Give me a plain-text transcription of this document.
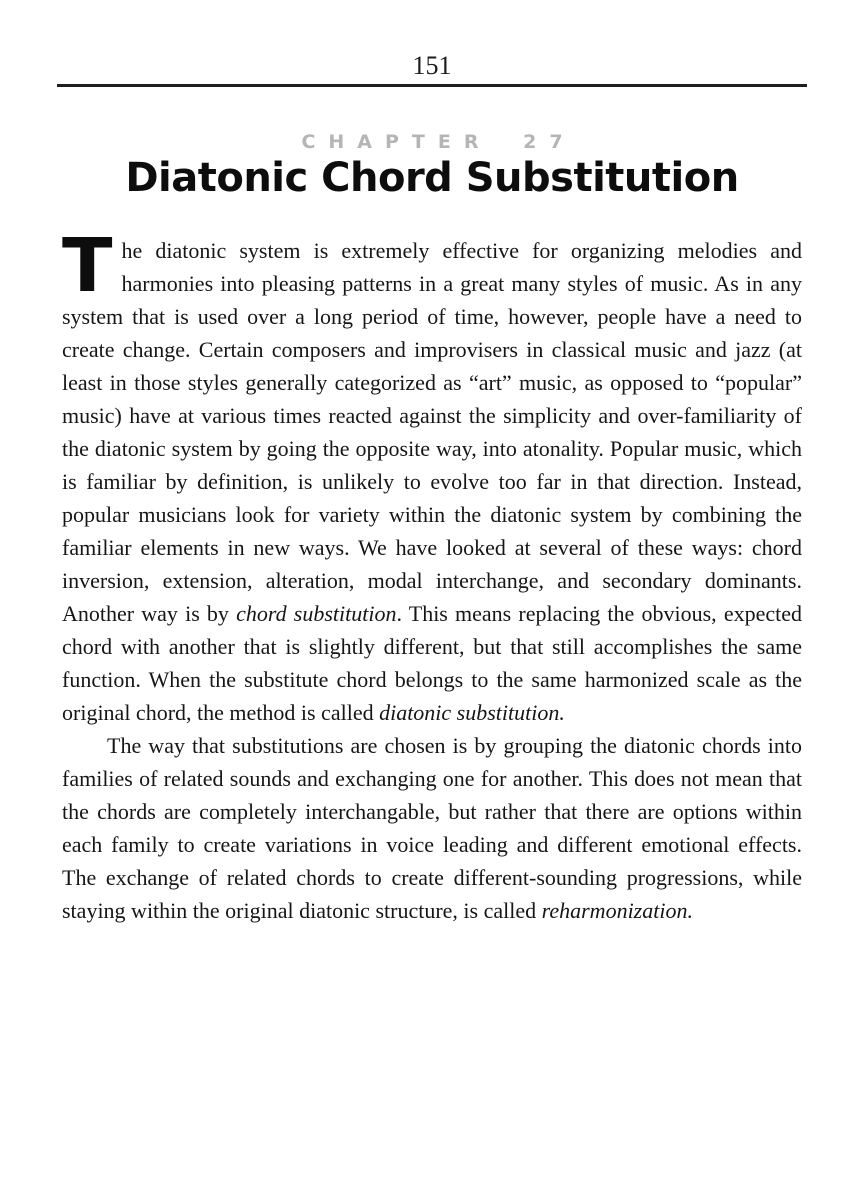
151
CHAPTER 27
Diatonic Chord Substitution

The diatonic system is extremely effective for organizing melodies and harmonies into pleasing patterns in a great many styles of music. As in any system that is used over a long period of time, however, people have a need to create change. Certain composers and improvisers in classical music and jazz (at least in those styles generally categorized as “art” music, as opposed to “popular” music) have at various times reacted against the simplicity and over-familiarity of the diatonic system by going the opposite way, into atonality. Popular music, which is familiar by definition, is unlikely to evolve too far in that direction. Instead, popular musicians look for variety within the diatonic system by combining the familiar elements in new ways. We have looked at several of these ways: chord inversion, extension, alteration, modal interchange, and secondary dominants. Another way is by chord substitution. This means replacing the obvious, expected chord with another that is slightly different, but that still accomplishes the same function. When the substitute chord belongs to the same harmonized scale as the original chord, the method is called diatonic substitution.

The way that substitutions are chosen is by grouping the diatonic chords into families of related sounds and exchanging one for another. This does not mean that the chords are completely interchangable, but rather that there are options within each family to create variations in voice leading and different emotional effects. The exchange of related chords to create different-sounding progressions, while staying within the original diatonic structure, is called reharmonization.
